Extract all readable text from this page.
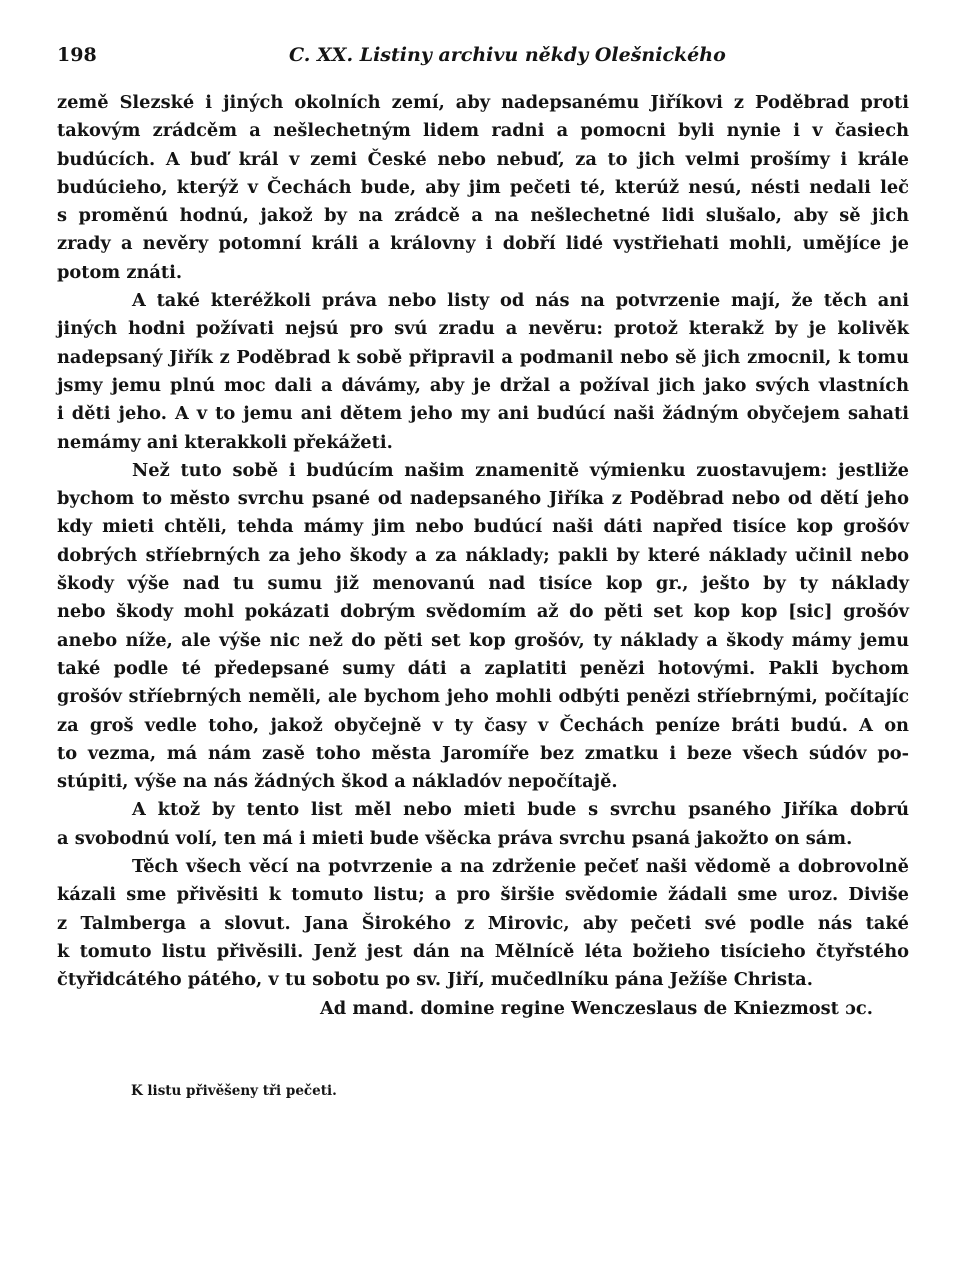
198	C. XX. Listiny archivu někdy Olešnického
země Slezské i jiných okolních zemí, aby nadepsanému Jiříkovi z Poděbrad proti
takovým zrádcěm a nešlechetným lidem radni a pomocni byli nynie i v časiech
budúcích. A buď král v zemi České nebo nebuď, za to jich velmi prošímy i krále
budúcieho, kterýž v Čechách bude, aby jim pečeti té, kterúž nesú, nésti nedali leč
s proměnú hodnú, jakož by na zrádcě a na nešlechetné lidi slušalo, aby sě jich
zrady a nevěry potomní králi a královny i dobří lidé vystřiehati mohli, umějíce je
potom znáti.
A také kteréžkoli práva nebo listy od nás na potvrzenie mají, že těch ani
jiných hodni požívati nejsú pro svú zradu a nevěru: protož kterakž by je kolivěk
nadepsaný Jiřík z Poděbrad k sobě připravil a podmanil nebo sě jich zmocnil, k tomu
jsmy jemu plnú moc dali a dávámy, aby je držal a požíval jich jako svých vlastních
i děti jeho. A v to jemu ani dětem jeho my ani budúcí naši žádným obyčejem sahati
nemámy ani kterakkoli překážeti.
Než tuto sobě i budúcím našim znamenitě výmienku zuostavujem: jestliže
bychom to město svrchu psané od nadepsaného Jiříka z Poděbrad nebo od dětí jeho
kdy mieti chtěli, tehda mámy jim nebo budúcí naši dáti napřed tisíce kop grošóv
dobrých stříebrných za jeho škody a za náklady; pakli by které náklady učinil nebo
škody výše nad tu sumu již menovanú nad tisíce kop gr., ješto by ty náklady
nebo škody mohl pokázati dobrým svědomím až do pěti set kop kop [sic] grošóv
anebo níže, ale výše nic než do pěti set kop grošóv, ty náklady a škody mámy jemu
také podle té předepsané sumy dáti a zaplatiti penězi hotovými. Pakli bychom
grošóv stříebrných neměli, ale bychom jeho mohli odbýti penězi stříebrnými, počítajíc
za groš vedle toho, jakož obyčejně v ty časy v Čechách peníze bráti budú. A on
to vezma, má nám zasě toho města Jaromíře bez zmatku i beze všech súdóv po-
stúpiti, výše na nás žádných škod a nákladóv nepočítajě.
A ktož by tento list měl nebo mieti bude s svrchu psaného Jiříka dobrú
a svobodnú volí, ten má i mieti bude všěcka práva svrchu psaná jakožto on sám.
Těch všech věcí na potvrzenie a na zdrženie pečeť naši vědomě a dobrovolně
kázali sme přivěsiti k tomuto listu; a pro širšie svědomie žádali sme uroz. Diviše
z Talmberga a slovut. Jana Širokého z Mirovic, aby pečeti své podle nás také
k tomuto listu přivěsili. Jenž jest dán na Mělnícě léta božieho tisícieho čtyřstého
čtyřidcátého pátého, v tu sobotu po sv. Jiří, mučedlníku pána Ježíše Christa.
Ad mand. domine regine Wenczeslaus de Kniezmost ɔc.
K listu přivěšeny tři pečeti.
